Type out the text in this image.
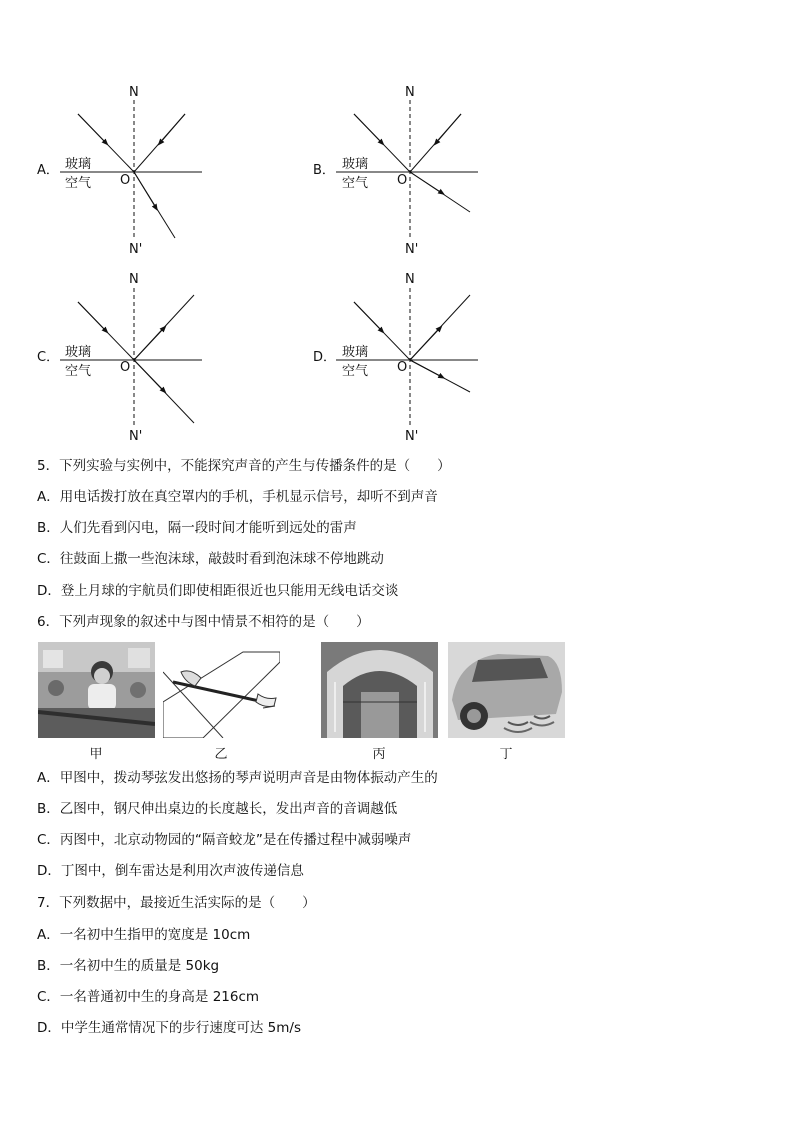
A． 玻璃
空气
N
N'
O
B． 玻璃
空气
N
N'
O
C． 玻璃
空气
N
N'
O
D． 玻璃
空气
N
N'
O
5．下列实验与实例中，不能探究声音的产生与传播条件的是（　　）
A．用电话拨打放在真空罩内的手机，手机显示信号，却听不到声音
B．人们先看到闪电，隔一段时间才能听到远处的雷声
C．往鼓面上撒一些泡沫球，敲鼓时看到泡沫球不停地跳动
D．登上月球的宇航员们即使相距很近也只能用无线电话交谈
6．下列声现象的叙述中与图中情景不相符的是（　　）
甲	乙	丙	丁
A．甲图中，拨动琴弦发出悠扬的琴声说明声音是由物体振动产生的
B．乙图中，钢尺伸出桌边的长度越长，发出声音的音调越低
C．丙图中，北京动物园的“隔音蛟龙”是在传播过程中减弱噪声
D．丁图中，倒车雷达是利用次声波传递信息
7．下列数据中，最接近生活实际的是（　　）
A．一名初中生指甲的宽度是 10cm
B．一名初中生的质量是 50kg
C．一名普通初中生的身高是 216cm
D．中学生通常情况下的步行速度可达 5m/s
